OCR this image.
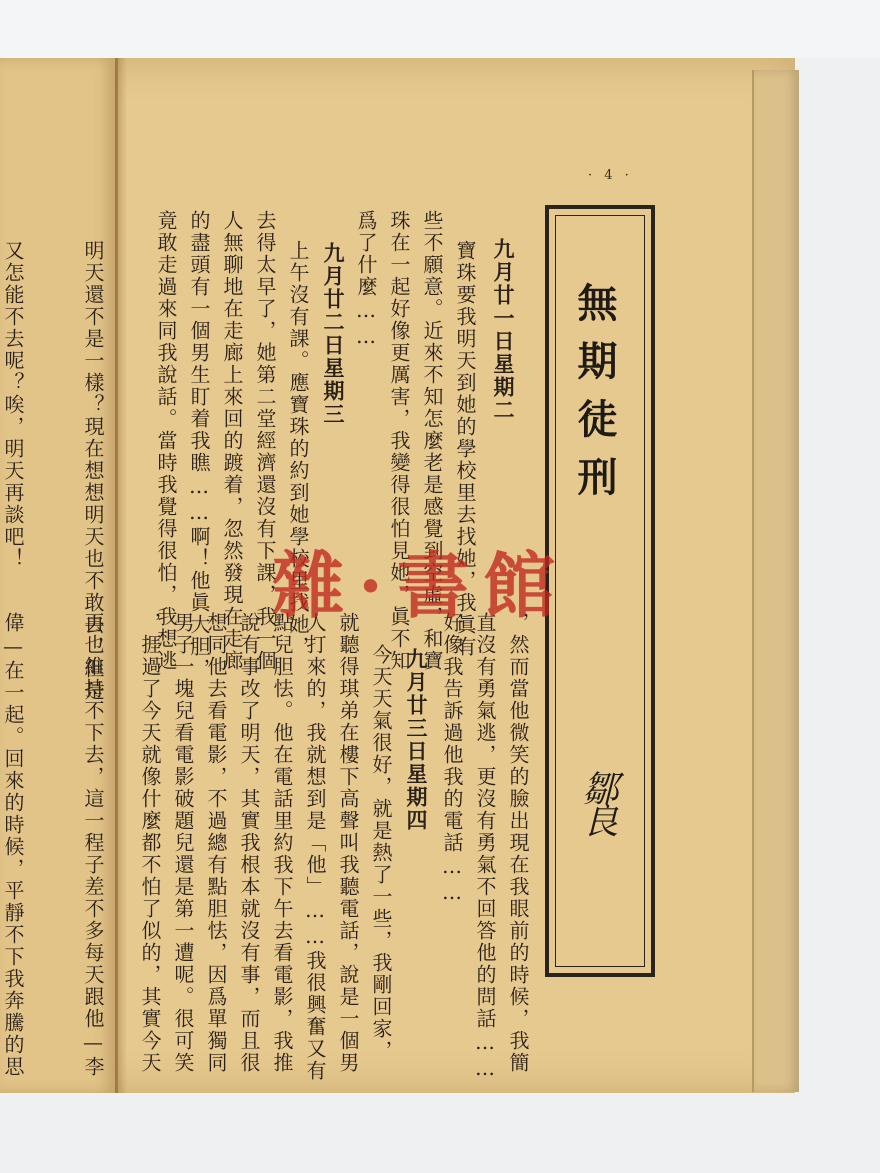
明天還不是一樣？現在想想明天也不敢去，但是
又怎能不去呢？唉，明天再談吧！
再也維持不下去，這一程子差不多每天跟他—李
偉—在一起。回來的時候，平靜不下我奔騰的思
· 4 ·
無期徒刑
鄒良
九月廿一日星期二
寶珠要我明天到她的學校里去找她，我眞有
些不願意。近來不知怎麼老是感覺到空虛，和寶
珠在一起好像更厲害，我變得很怕見她，眞不知
爲了什麼……
九月廿二日星期三
上午沒有課。應寶珠的約到她學校里找她，
去得太早了，她第二堂經濟還沒有下課，我一個
人無聊地在走廊上來回的踱着，忽然發現在走廊
的盡頭有一個男生盯着我瞧……啊！他眞大胆，
竟敢走過來同我說話。當時我覺得很怕，我想逃
，然而當他微笑的臉出現在我眼前的時候，我簡
直沒有勇氣逃，更沒有勇氣不回答他的問話……
好像我告訴過他我的電話……
九月廿三日星期四
今天天氣很好，就是熱了一些，我剛回家，
就聽得琪弟在樓下高聲叫我聽電話，說是一個男
人打來的，我就想到是「他」……我很興奮又有
點兒胆怯。他在電話里約我下午去看電影，我推
說有事改了明天，其實我根本就沒有事，而且很
想同他去看電影，不過總有點胆怯，因爲單獨同
男子一塊兒看電影破題兒還是第一遭呢。很可笑
，捱過了今天就像什麼都不怕了似的，其實今天
雜·書館
